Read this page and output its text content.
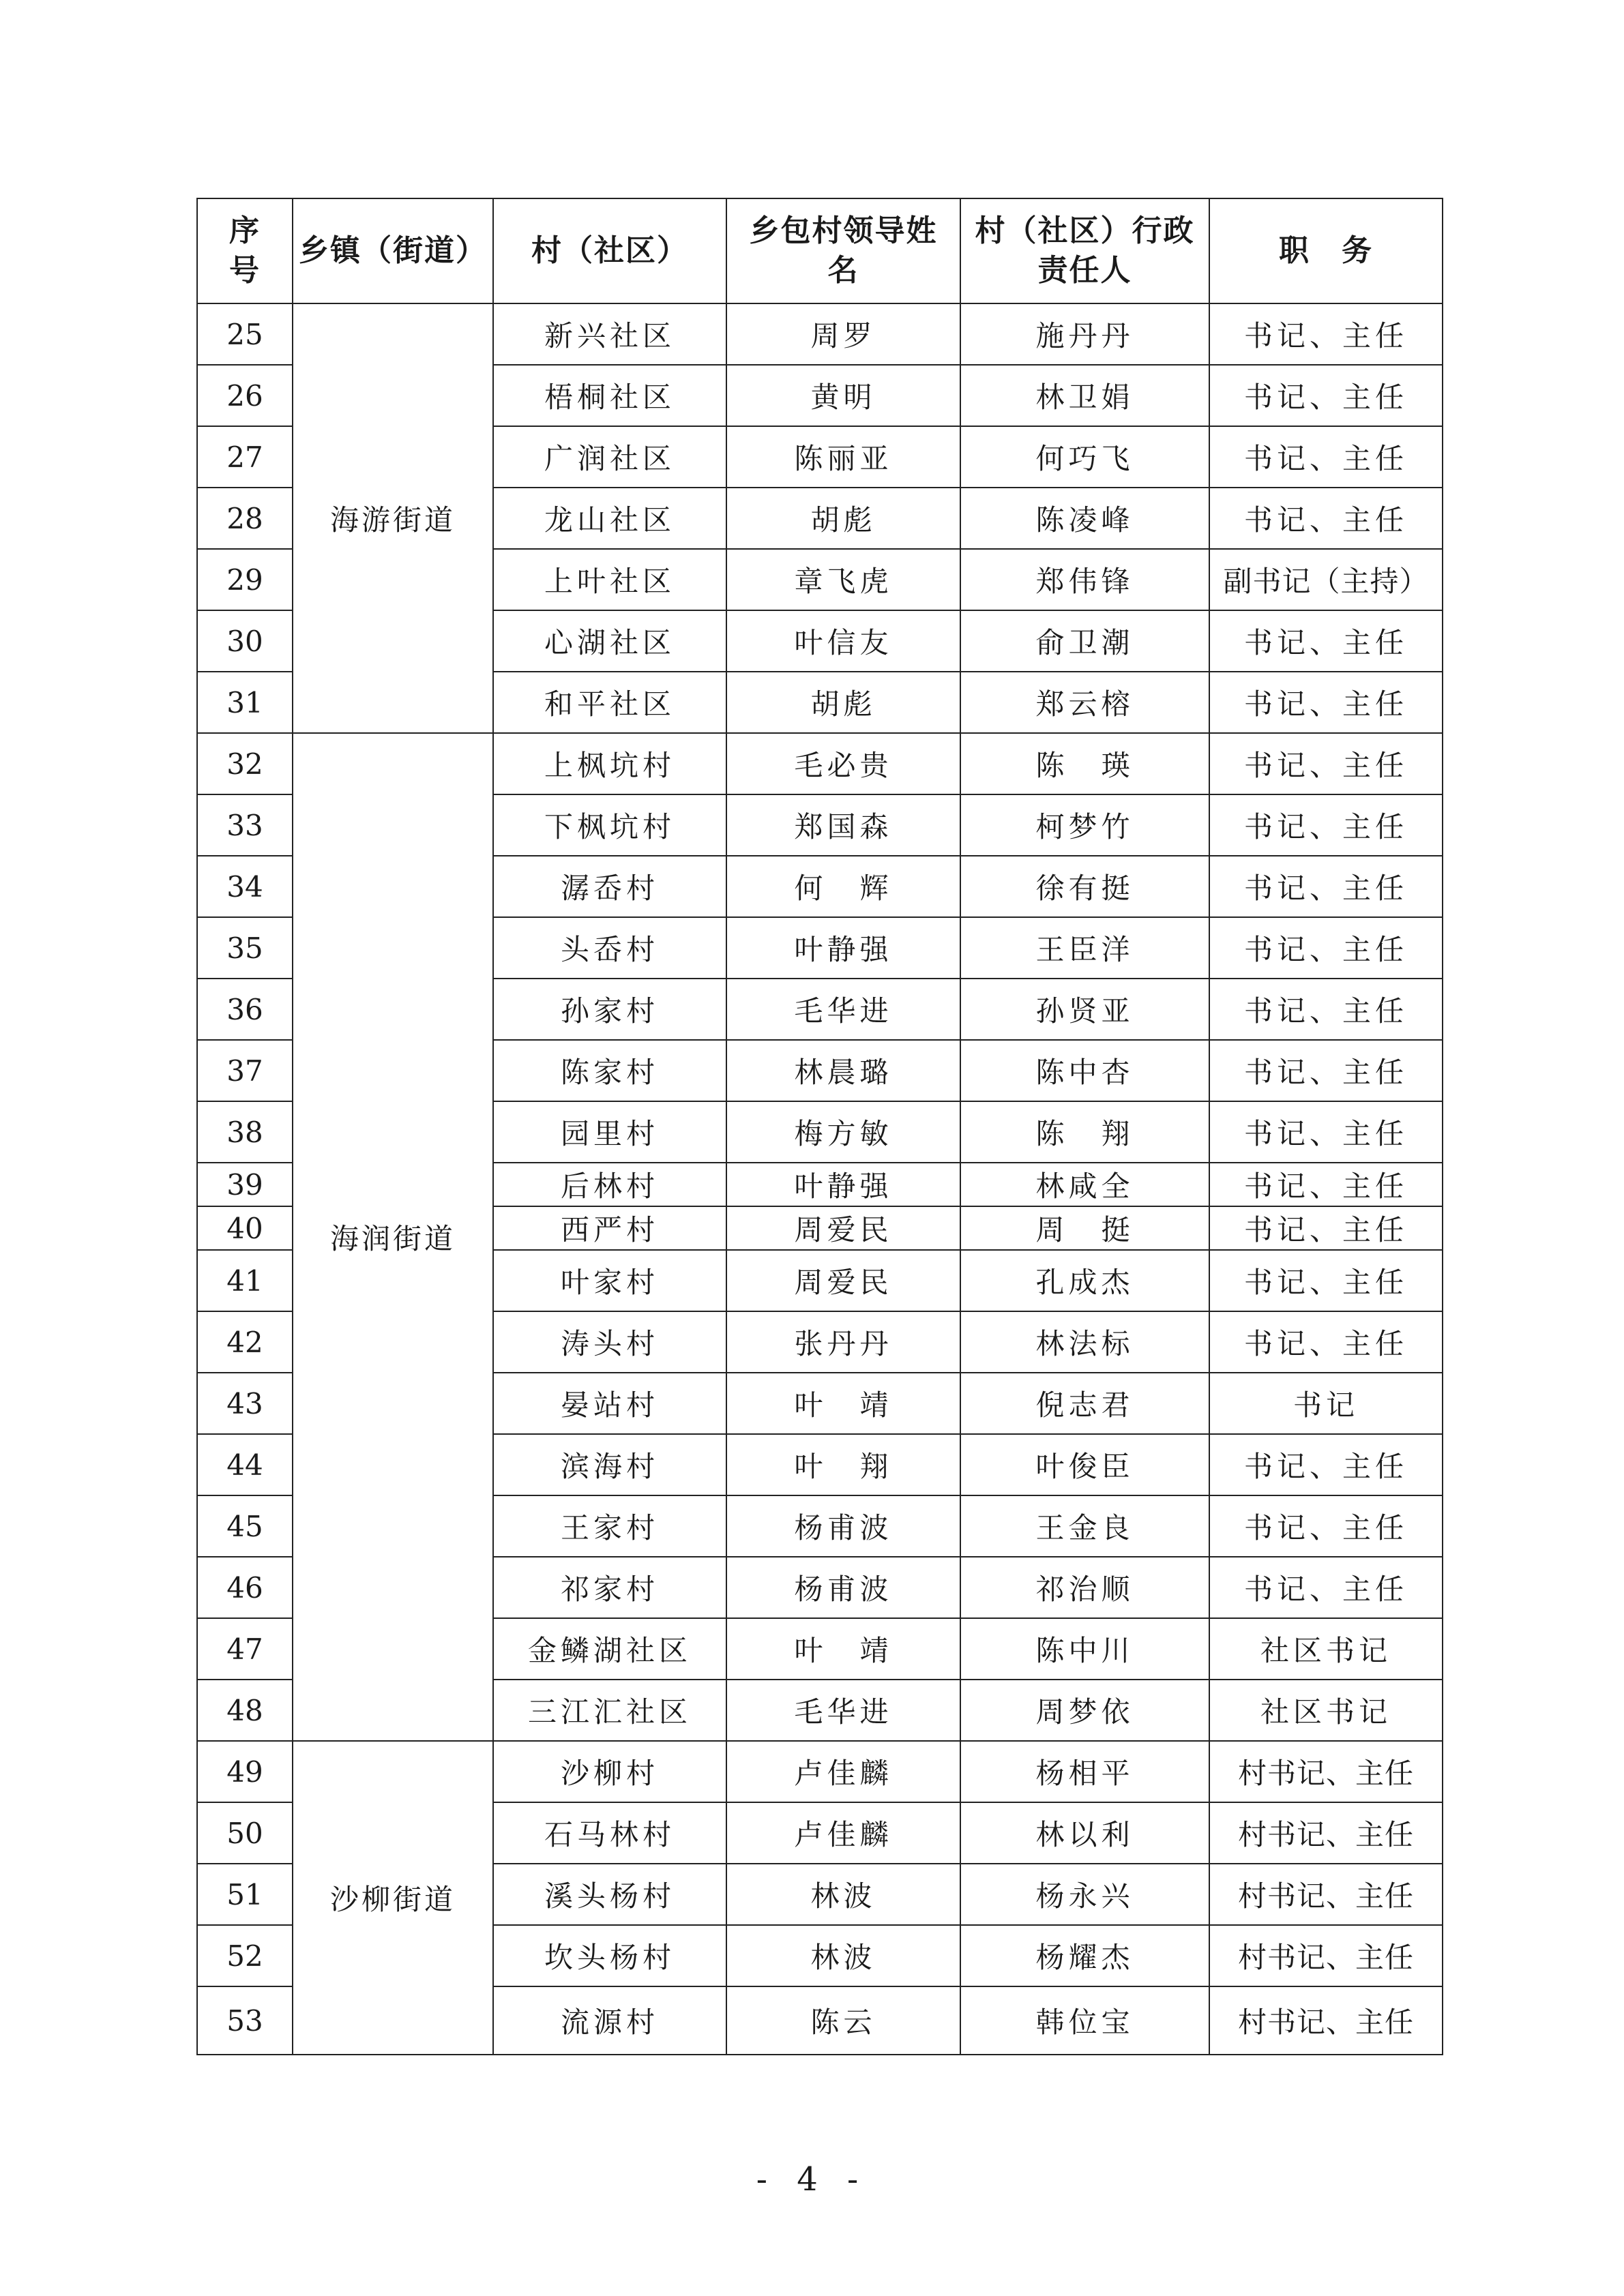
序号	乡镇（街道）	村（社区）	乡包村领导姓名	村（社区）行政责任人	职　务
25	海游街道	新兴社区	周罗	施丹丹	书记、主任
26		梧桐社区	黄明	林卫娟	书记、主任
27		广润社区	陈丽亚	何巧飞	书记、主任
28		龙山社区	胡彪	陈凌峰	书记、主任
29		上叶社区	章飞虎	郑伟锋	副书记（主持）
30		心湖社区	叶信友	俞卫潮	书记、主任
31		和平社区	胡彪	郑云榕	书记、主任
32	海润街道	上枫坑村	毛必贵	陈　瑛	书记、主任
33		下枫坑村	郑国森	柯梦竹	书记、主任
34		潺岙村	何　辉	徐有挺	书记、主任
35		头岙村	叶静强	王臣洋	书记、主任
36		孙家村	毛华进	孙贤亚	书记、主任
37		陈家村	林晨璐	陈中杏	书记、主任
38		园里村	梅方敏	陈　翔	书记、主任
39		后林村	叶静强	林咸全	书记、主任
40		西严村	周爱民	周　挺	书记、主任
41		叶家村	周爱民	孔成杰	书记、主任
42		涛头村	张丹丹	林法标	书记、主任
43		晏站村	叶　靖	倪志君	书记
44		滨海村	叶　翔	叶俊臣	书记、主任
45		王家村	杨甫波	王金良	书记、主任
46		祁家村	杨甫波	祁治顺	书记、主任
47		金鳞湖社区	叶　靖	陈中川	社区书记
48		三江汇社区	毛华进	周梦依	社区书记
49	沙柳街道	沙柳村	卢佳麟	杨相平	村书记、主任
50		石马林村	卢佳麟	林以利	村书记、主任
51		溪头杨村	林波	杨永兴	村书记、主任
52		坎头杨村	林波	杨耀杰	村书记、主任
53		流源村	陈云	韩位宝	村书记、主任
- 4 -
